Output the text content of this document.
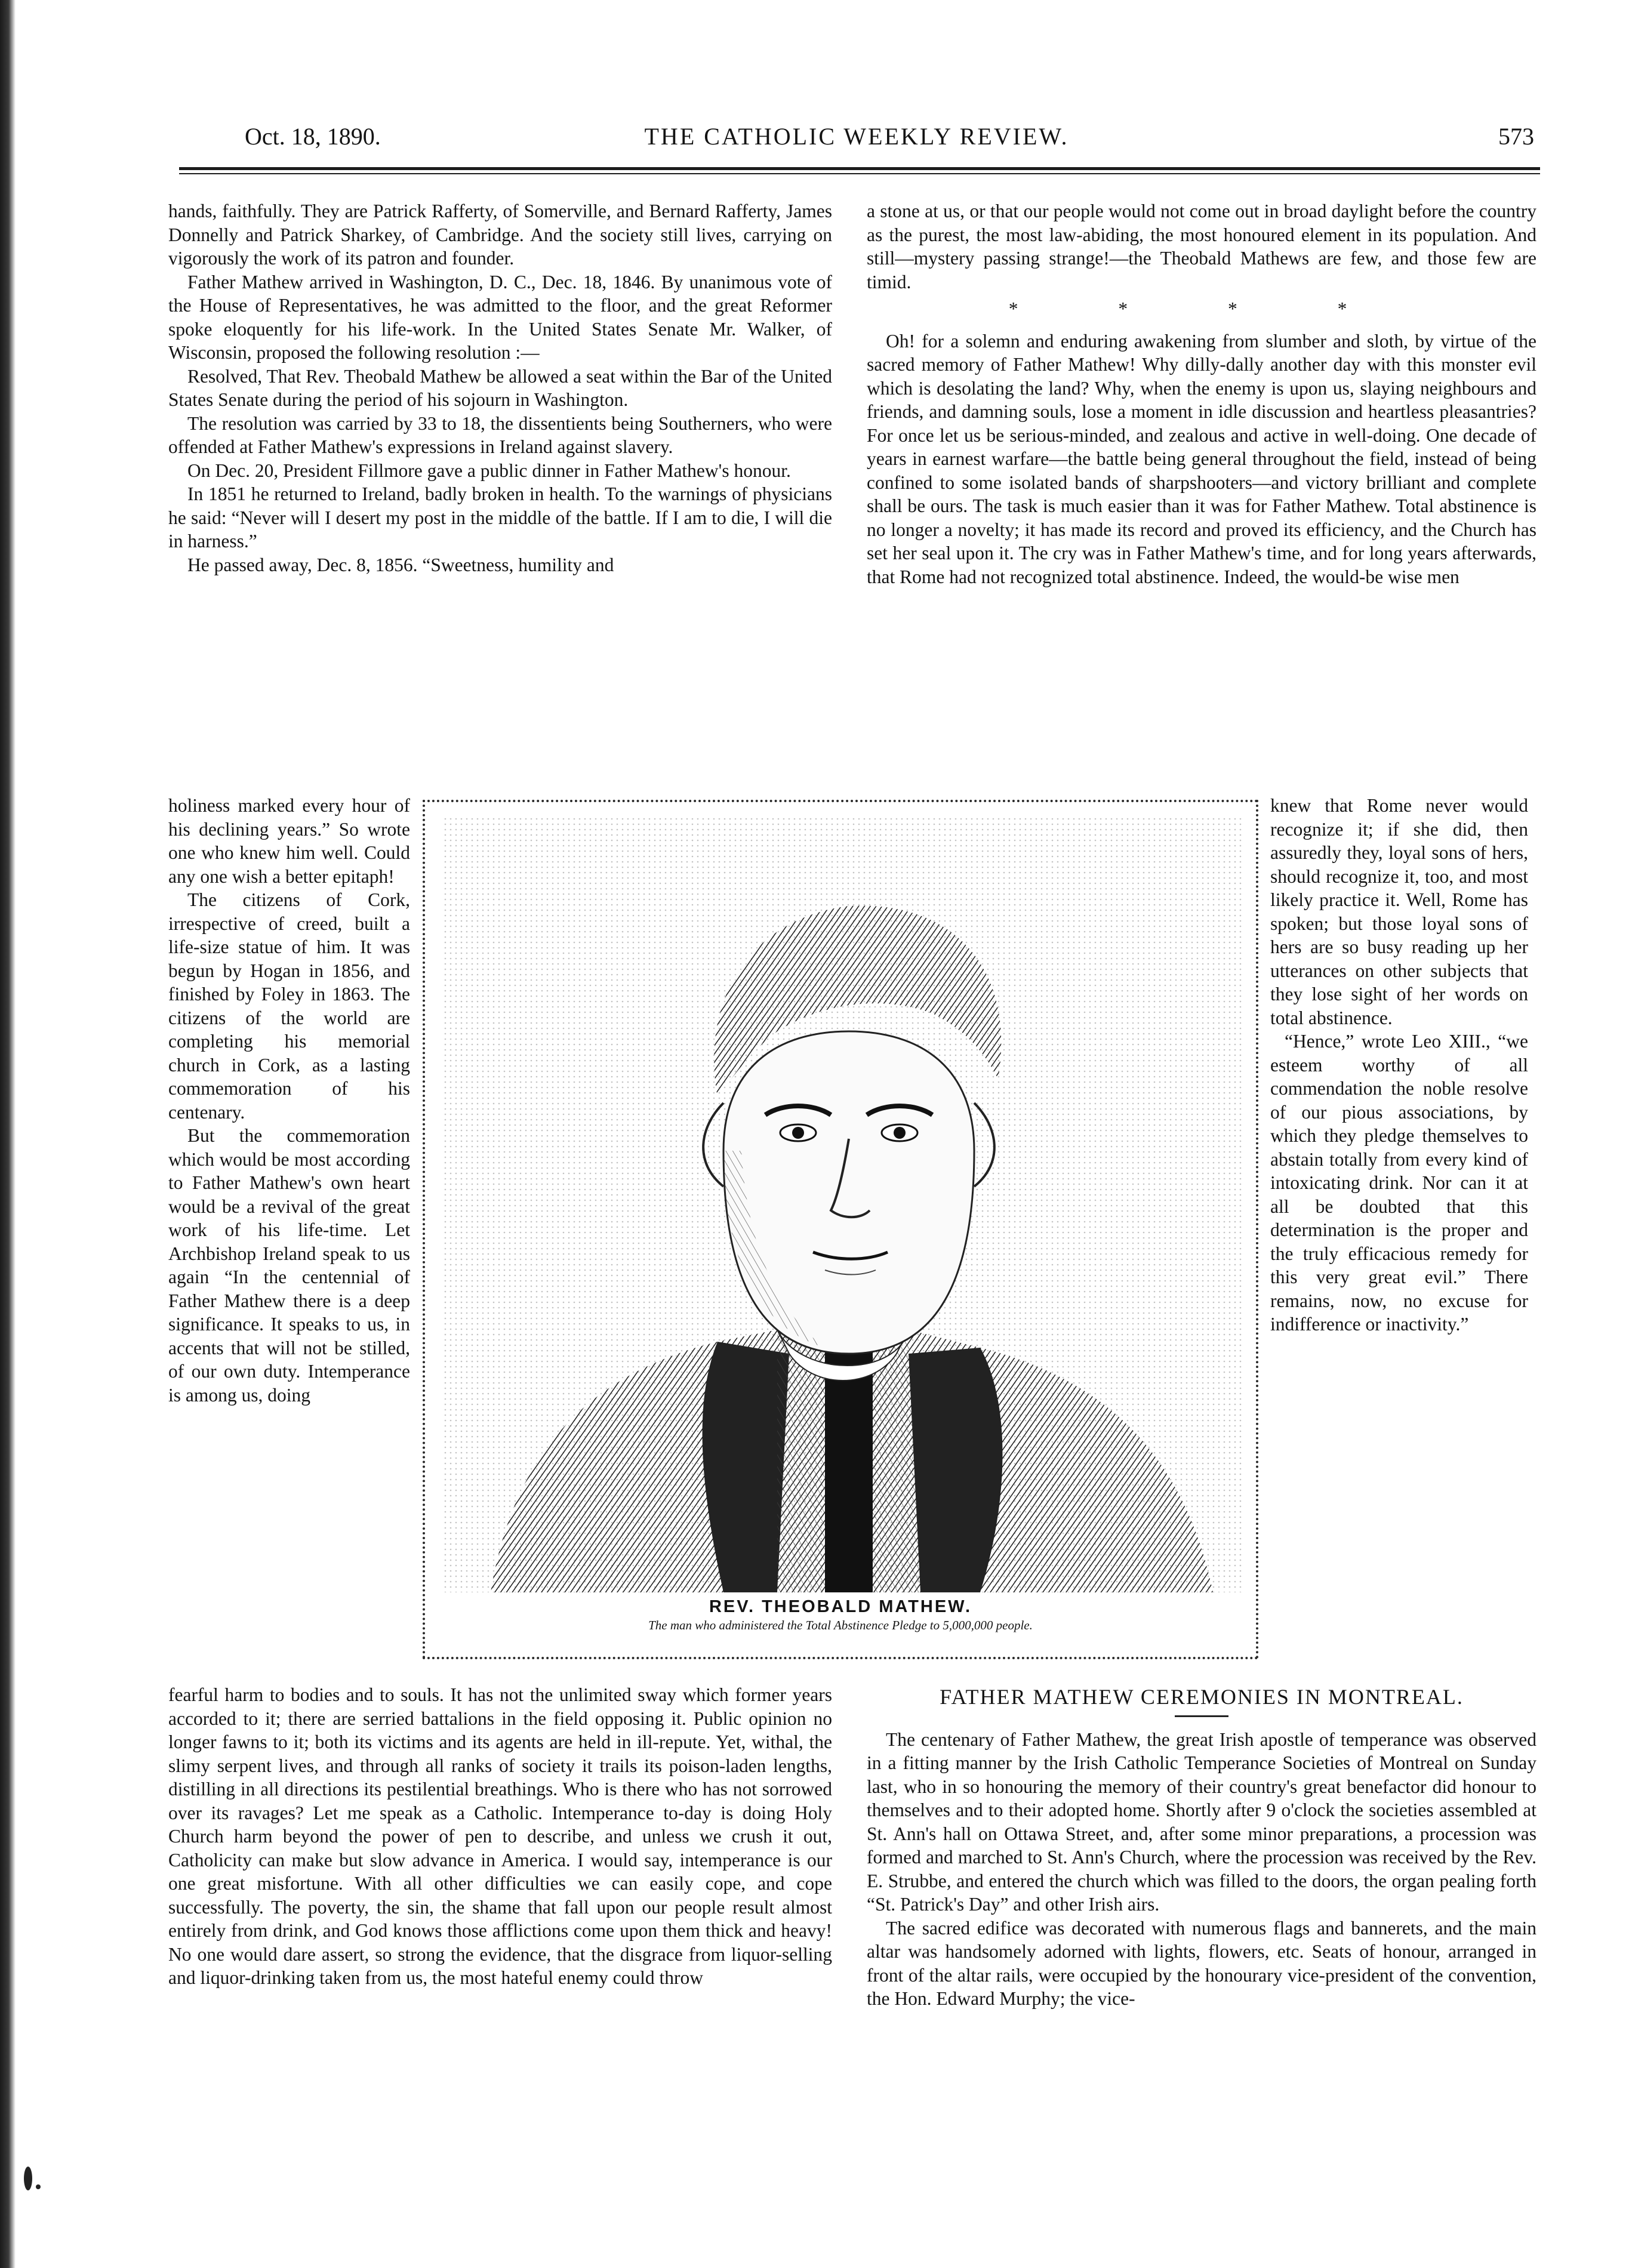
Oct. 18, 1890.	THE CATHOLIC WEEKLY REVIEW.	573

hands, faithfully. They are Patrick Rafferty, of Somerville, and Bernard Rafferty, James Donnelly and Patrick Sharkey, of Cambridge. And the society still lives, carrying on vigorously the work of its patron and founder.

Father Mathew arrived in Washington, D. C., Dec. 18, 1846. By unanimous vote of the House of Representatives, he was admitted to the floor, and the great Reformer spoke eloquently for his life-work. In the United States Senate Mr. Walker, of Wisconsin, proposed the following resolution :—

Resolved, That Rev. Theobald Mathew be allowed a seat within the Bar of the United States Senate during the period of his sojourn in Washington.

The resolution was carried by 33 to 18, the dissentients being Southerners, who were offended at Father Mathew's expressions in Ireland against slavery.

On Dec. 20, President Fillmore gave a public dinner in Father Mathew's honour.

In 1851 he returned to Ireland, badly broken in health. To the warnings of physicians he said: “Never will I desert my post in the middle of the battle. If I am to die, I will die in harness.”

He passed away, Dec. 8, 1856. “Sweetness, humility and

holiness marked every hour of his declining years.” So wrote one who knew him well. Could any one wish a better epitaph!

The citizens of Cork, irrespective of creed, built a life-size statue of him. It was begun by Hogan in 1856, and finished by Foley in 1863. The citizens of the world are completing his memorial church in Cork, as a lasting commemoration of his centenary.

But the commemoration which would be most according to Father Mathew's own heart would be a revival of the great work of his life-time. Let Archbishop Ireland speak to us again “In the centennial of Father Mathew there is a deep significance. It speaks to us, in accents that will not be stilled, of our own duty. Intemperance is among us, doing

fearful harm to bodies and to souls. It has not the unlimited sway which former years accorded to it; there are serried battalions in the field opposing it. Public opinion no longer fawns to it; both its victims and its agents are held in ill-repute. Yet, withal, the slimy serpent lives, and through all ranks of society it trails its poison-laden lengths, distilling in all directions its pestilential breathings. Who is there who has not sorrowed over its ravages? Let me speak as a Catholic. Intemperance to-day is doing Holy Church harm beyond the power of pen to describe, and unless we crush it out, Catholicity can make but slow advance in America. I would say, intemperance is our one great misfortune. With all other difficulties we can easily cope, and cope successfully. The poverty, the sin, the shame that fall upon our people result almost entirely from drink, and God knows those afflictions come upon them thick and heavy! No one would dare assert, so strong the evidence, that the disgrace from liquor-selling and liquor-drinking taken from us, the most hateful enemy could throw

a stone at us, or that our people would not come out in broad daylight before the country as the purest, the most law-abiding, the most honoured element in its population. And still—mystery passing strange!—the Theobald Mathews are few, and those few are timid.

* * * *

Oh! for a solemn and enduring awakening from slumber and sloth, by virtue of the sacred memory of Father Mathew! Why dilly-dally another day with this monster evil which is desolating the land? Why, when the enemy is upon us, slaying neighbours and friends, and damning souls, lose a moment in idle discussion and heartless pleasantries? For once let us be serious-minded, and zealous and active in well-doing. One decade of years in earnest warfare—the battle being general throughout the field, instead of being confined to some isolated bands of sharpshooters—and victory brilliant and complete shall be ours. The task is much easier than it was for Father Mathew. Total abstinence is no longer a novelty; it has made its record and proved its efficiency, and the Church has set her seal upon it. The cry was in Father Mathew's time, and for long years afterwards, that Rome had not recognized total abstinence. Indeed, the would-be wise men

knew that Rome never would recognize it; if she did, then assuredly they, loyal sons of hers, should recognize it, too, and most likely practice it. Well, Rome has spoken; but those loyal sons of hers are so busy reading up her utterances on other subjects that they lose sight of her words on total abstinence.

“Hence,” wrote Leo XIII., “we esteem worthy of all commendation the noble resolve of our pious associations, by which they pledge themselves to abstain totally from every kind of intoxicating drink. Nor can it at all be doubted that this determination is the proper and the truly efficacious remedy for this very great evil.” There remains, now, no excuse for indifference or inactivity.”

FATHER MATHEW CEREMONIES IN MONTREAL.

The centenary of Father Mathew, the great Irish apostle of temperance was observed in a fitting manner by the Irish Catholic Temperance Societies of Montreal on Sunday last, who in so honouring the memory of their country's great benefactor did honour to themselves and to their adopted home. Shortly after 9 o'clock the societies assembled at St. Ann's hall on Ottawa Street, and, after some minor preparations, a procession was formed and marched to St. Ann's Church, where the procession was received by the Rev. E. Strubbe, and entered the church which was filled to the doors, the organ pealing forth “St. Patrick's Day” and other Irish airs.

The sacred edifice was decorated with numerous flags and bannerets, and the main altar was handsomely adorned with lights, flowers, etc. Seats of honour, arranged in front of the altar rails, were occupied by the honourary vice-president of the convention, the Hon. Edward Murphy; the vice-

REV. THEOBALD MATHEW.
The man who administered the Total Abstinence Pledge to 5,000,000 people.
